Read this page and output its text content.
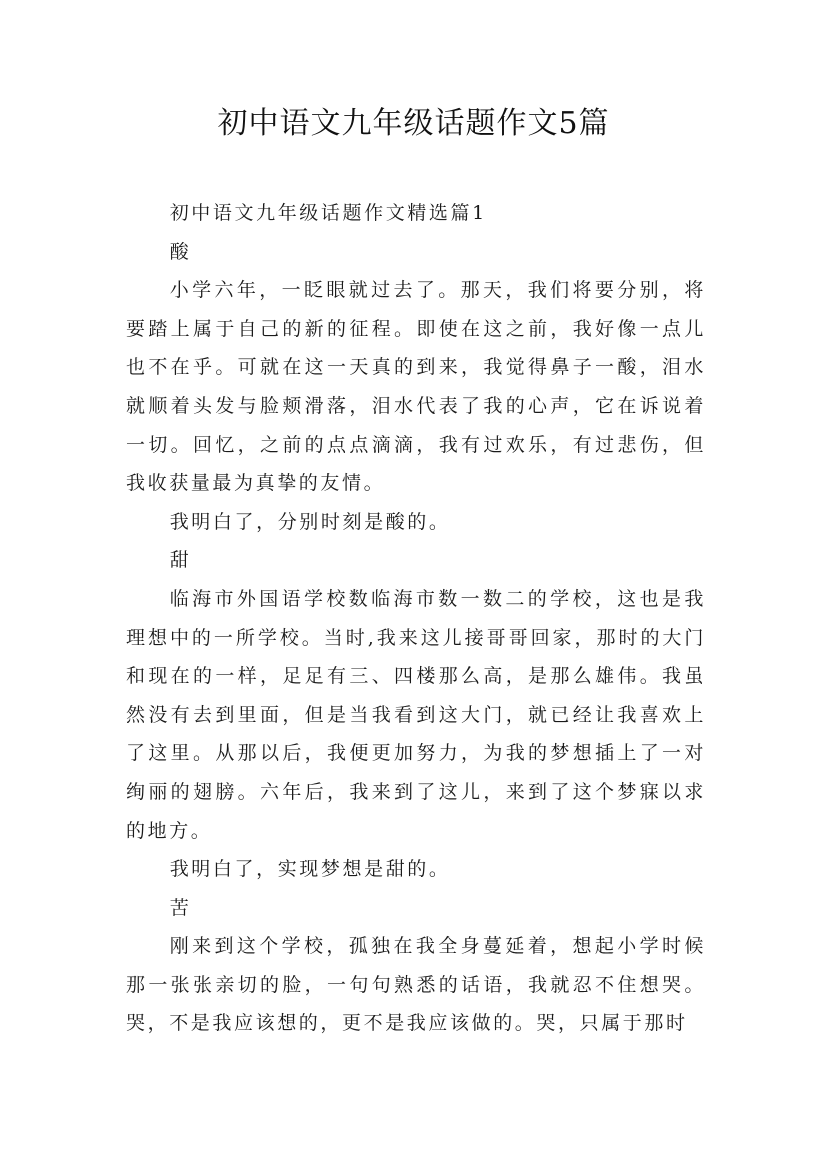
初中语文九年级话题作文5篇

初中语文九年级话题作文精选篇1

酸

小学六年，一眨眼就过去了。那天，我们将要分别，将要踏上属于自己的新的征程。即使在这之前，我好像一点儿也不在乎。可就在这一天真的到来，我觉得鼻子一酸，泪水就顺着头发与脸颊滑落，泪水代表了我的心声，它在诉说着一切。回忆，之前的点点滴滴，我有过欢乐，有过悲伤，但我收获量最为真挚的友情。

我明白了，分别时刻是酸的。

甜

临海市外国语学校数临海市数一数二的学校，这也是我理想中的一所学校。当时,我来这儿接哥哥回家，那时的大门和现在的一样，足足有三、四楼那么高，是那么雄伟。我虽然没有去到里面，但是当我看到这大门，就已经让我喜欢上了这里。从那以后，我便更加努力，为我的梦想插上了一对绚丽的翅膀。六年后，我来到了这儿，来到了这个梦寐以求的地方。

我明白了，实现梦想是甜的。

苦

刚来到这个学校，孤独在我全身蔓延着，想起小学时候那一张张亲切的脸，一句句熟悉的话语，我就忍不住想哭。哭，不是我应该想的，更不是我应该做的。哭，只属于那时
